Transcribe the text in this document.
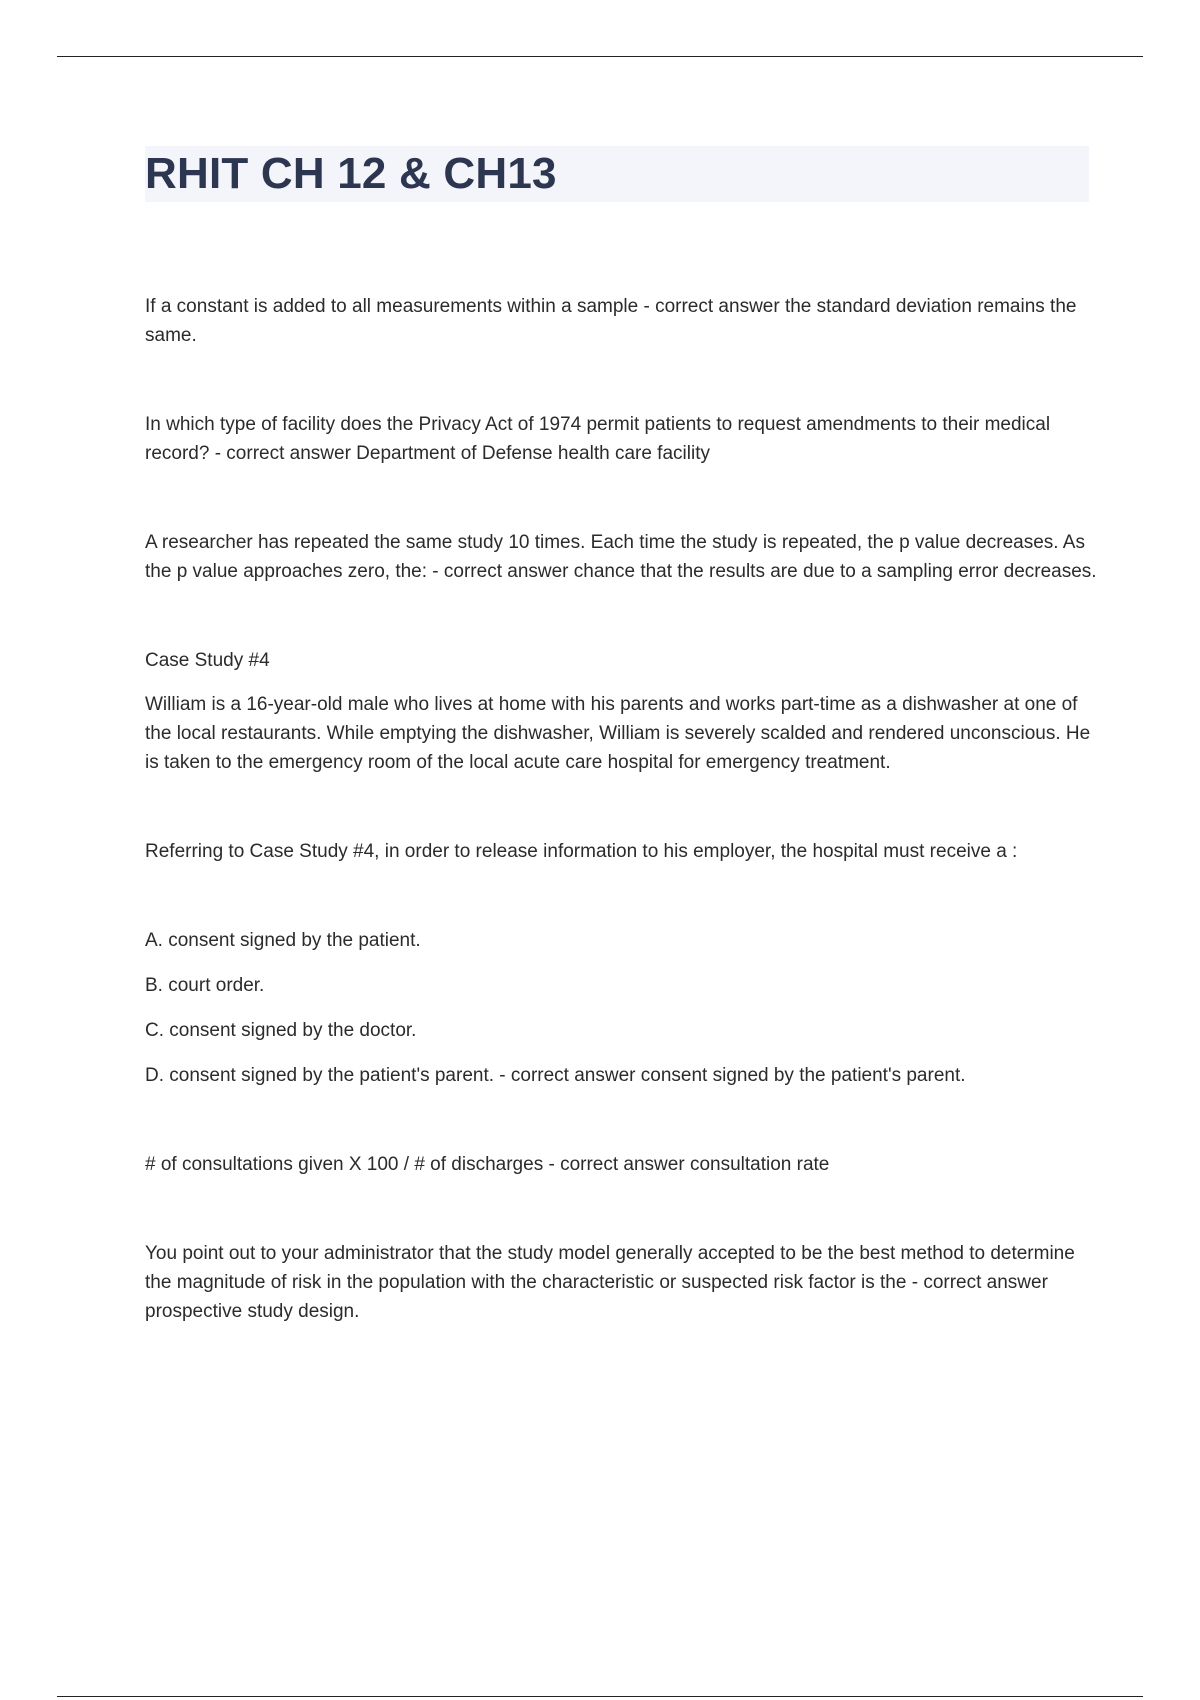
RHIT CH 12 & CH13

If a constant is added to all measurements within a sample - correct answer the standard deviation remains the same.

In which type of facility does the Privacy Act of 1974 permit patients to request amendments to their medical record? - correct answer Department of Defense health care facility

A researcher has repeated the same study 10 times. Each time the study is repeated, the p value decreases. As the p value approaches zero, the: - correct answer chance that the results are due to a sampling error decreases.

Case Study #4

William is a 16-year-old male who lives at home with his parents and works part-time as a dishwasher at one of the local restaurants. While emptying the dishwasher, William is severely scalded and rendered unconscious. He is taken to the emergency room of the local acute care hospital for emergency treatment.

Referring to Case Study #4, in order to release information to his employer, the hospital must receive a :

A. consent signed by the patient.

B. court order.

C. consent signed by the doctor.

D. consent signed by the patient's parent. - correct answer consent signed by the patient's parent.

# of consultations given X 100 / # of discharges - correct answer consultation rate

You point out to your administrator that the study model generally accepted to be the best method to determine the magnitude of risk in the population with the characteristic or suspected risk factor is the - correct answer prospective study design.
